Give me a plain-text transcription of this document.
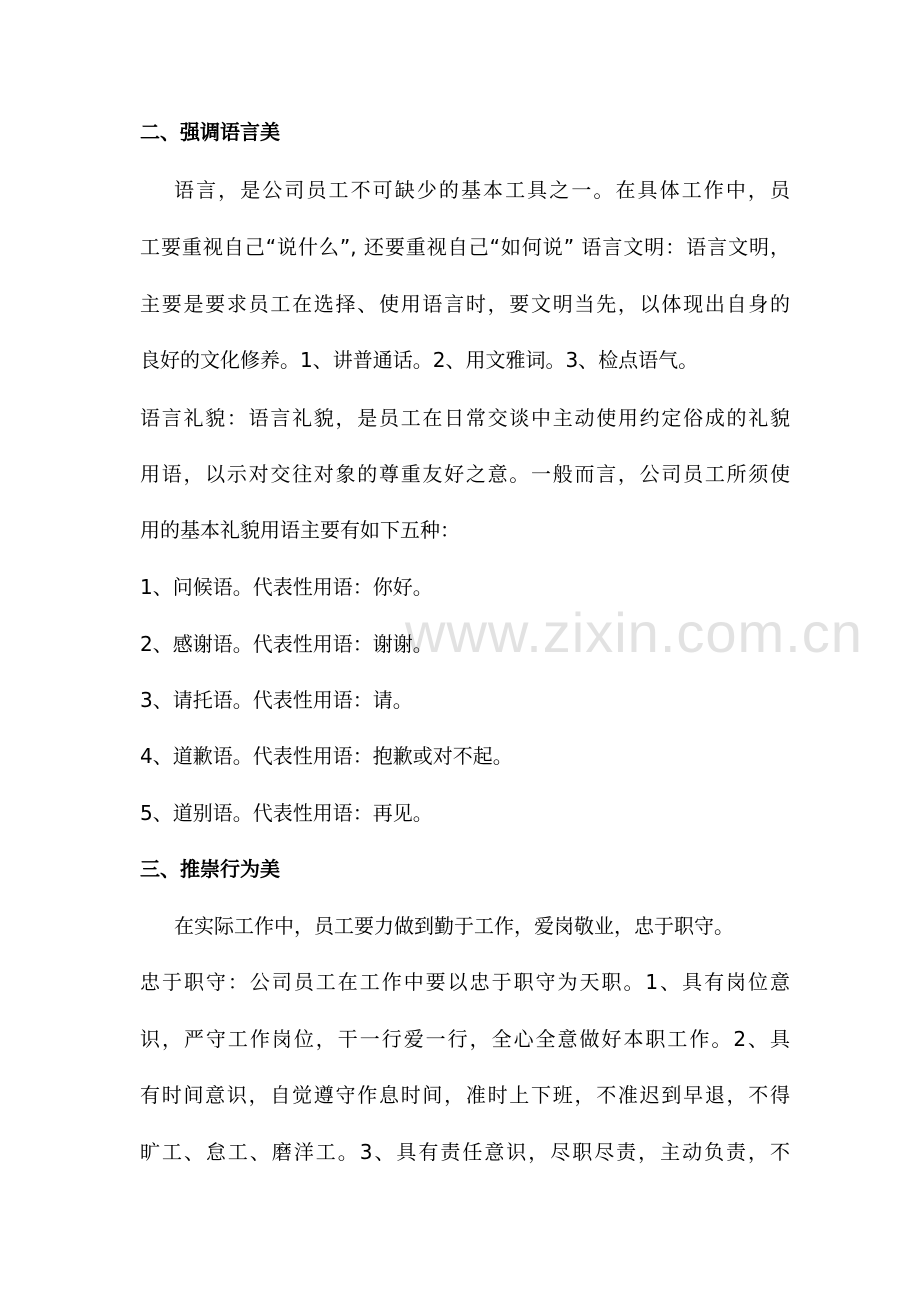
www.zixin.com.cn
二、强调语言美
语言，是公司员工不可缺少的基本工具之一。在具体工作中，员
工要重视自己“说什么”, 还要重视自己“如何说” 语言文明：语言文明，
主要是要求员工在选择、使用语言时，要文明当先，以体现出自身的
良好的文化修养。1、讲普通话。2、用文雅词。3、检点语气。
语言礼貌：语言礼貌，是员工在日常交谈中主动使用约定俗成的礼貌
用语，以示对交往对象的尊重友好之意。一般而言，公司员工所须使
用的基本礼貌用语主要有如下五种：
1、问候语。代表性用语：你好。
2、感谢语。代表性用语：谢谢。
3、请托语。代表性用语：请。
4、道歉语。代表性用语：抱歉或对不起。
5、道别语。代表性用语：再见。
三、推崇行为美
在实际工作中，员工要力做到勤于工作，爱岗敬业，忠于职守。
忠于职守：公司员工在工作中要以忠于职守为天职。1、具有岗位意
识，严守工作岗位，干一行爱一行，全心全意做好本职工作。2、具
有时间意识，自觉遵守作息时间，准时上下班，不准迟到早退，不得
旷工、怠工、磨洋工。3、具有责任意识，尽职尽责，主动负责，不
